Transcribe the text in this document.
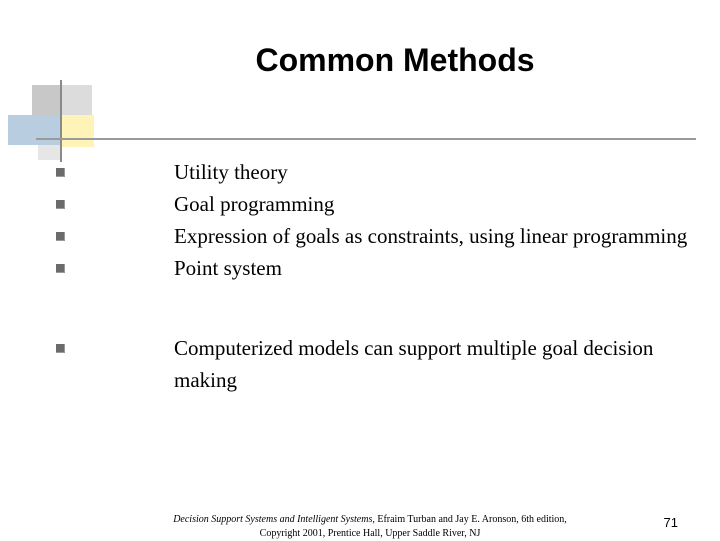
Common Methods
Utility theory
Goal programming
Expression of goals as constraints, using linear programming
Point system
Computerized models can support multiple goal decision making
Decision Support Systems and Intelligent Systems, Efraim Turban and Jay E. Aronson, 6th edition,
Copyright 2001, Prentice Hall, Upper Saddle River, NJ
71
